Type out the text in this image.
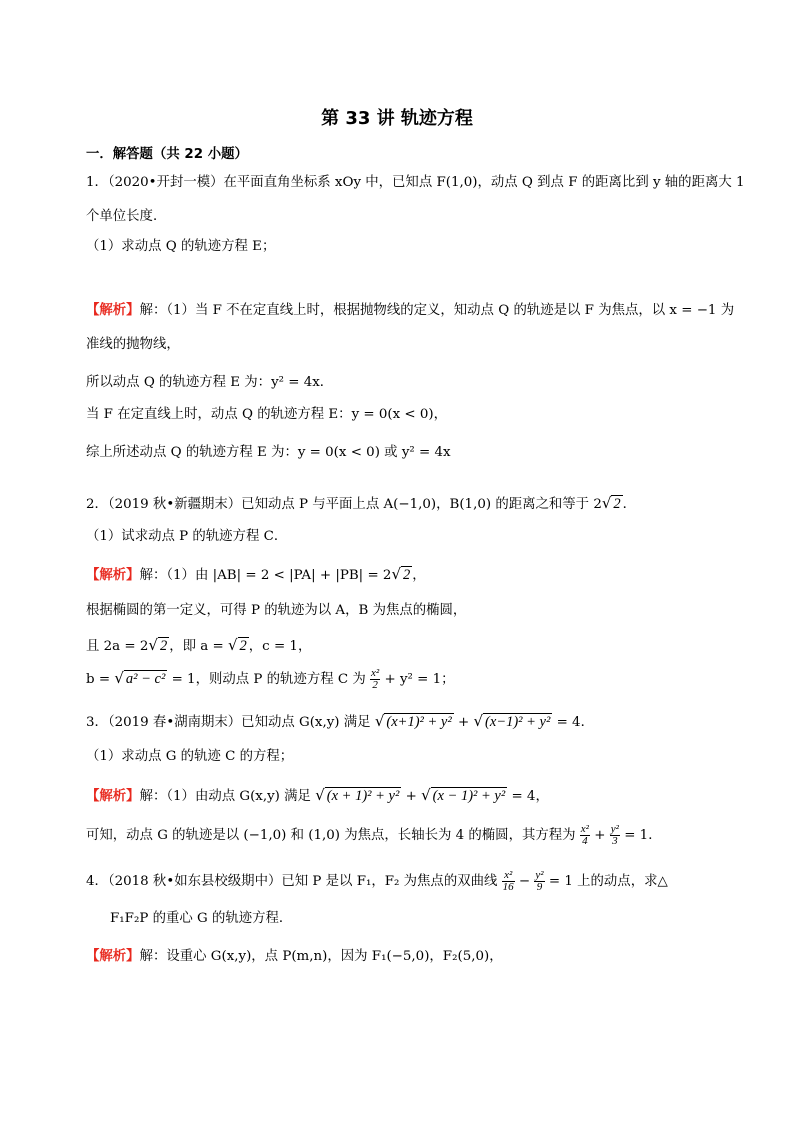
第 33 讲 轨迹方程
一．解答题（共 22 小题）
1．（2020•开封一模）在平面直角坐标系 xOy 中，已知点 F(1,0)，动点 Q 到点 F 的距离比到 y 轴的距离大 1
个单位长度．
（1）求动点 Q 的轨迹方程 E；
【解析】解：（1）当 F 不在定直线上时，根据抛物线的定义，知动点 Q 的轨迹是以 F 为焦点，以 x = −1 为
准线的抛物线，
所以动点 Q 的轨迹方程 E 为：y² = 4x．
当 F 在定直线上时，动点 Q 的轨迹方程 E：y = 0(x < 0)，
综上所述动点 Q 的轨迹方程 E 为：y = 0(x < 0) 或 y² = 4x
2．（2019 秋•新疆期末）已知动点 P 与平面上点 A(−1,0)，B(1,0) 的距离之和等于 2√ 2 ．
（1）试求动点 P 的轨迹方程 C．
【解析】解：（1）由 |AB| = 2 < |PA| + |PB| = 2√ 2 ，
根据椭圆的第一定义，可得 P 的轨迹为以 A，B 为焦点的椭圆，
且 2a = 2√ 2 ，即 a = √ 2 ，c = 1，
b = √ a² − c² = 1，则动点 P 的轨迹方程 C 为 $\frac{\text{x²}}{2} + y^2 = 1$；
3．（2019 春•湖南期末）已知动点 G(x,y) 满足 √ (x+1)² + y² + √ (x−1)² + y² = 4．
（1）求动点 G 的轨迹 C 的方程；
【解析】解：（1）由动点 G(x,y) 满足 √ (x + 1)² + y² + √ (x − 1)² + y² = 4，
可知，动点 G 的轨迹是以 (−1,0) 和 (1,0) 为焦点，长轴长为 4 的椭圆，其方程为 $\frac{\text{x²}}{4} + \frac{\text{y²}}{3} = 1$．
4．（2018 秋•如东县校级期中）已知 P 是以 F₁，F₂ 为焦点的双曲线 $\frac{\text{x²}}{16} - \frac{\text{y²}}{9} = 1$ 上的动点，求△
F₁F₂P 的重心 G 的轨迹方程．
【解析】解：设重心 G(x,y)，点 P(m,n)，因为 F₁(−5,0)，F₂(5,0)，
